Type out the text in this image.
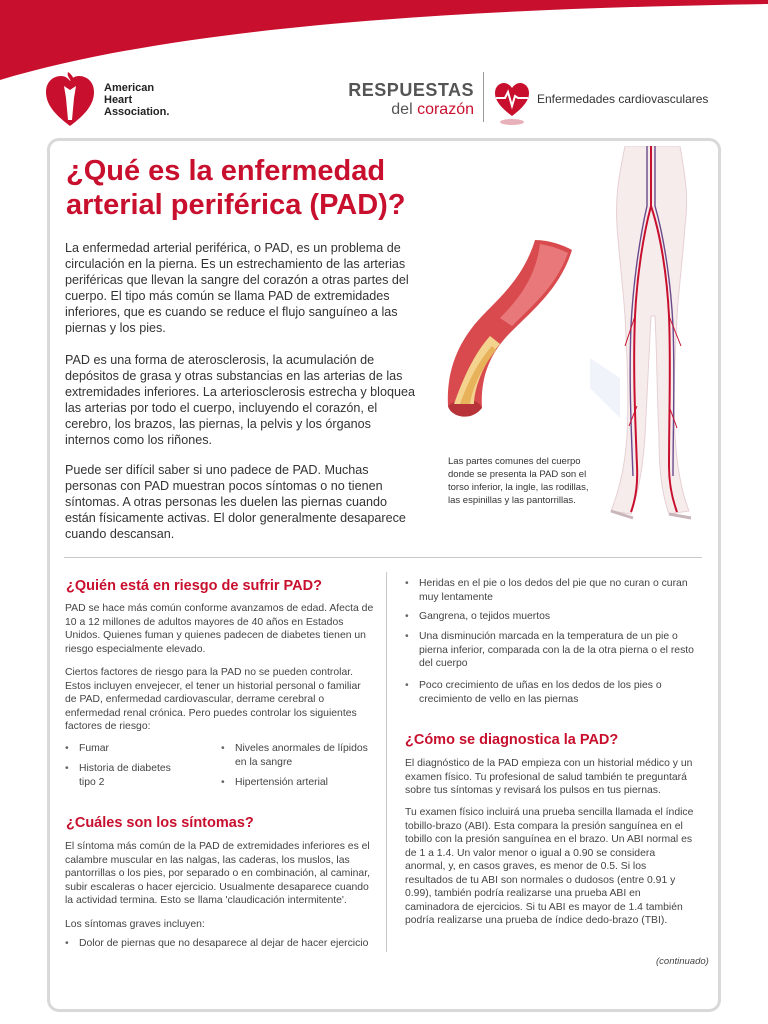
American
Heart
Association.
RESPUESTAS
del corazón
Enfermedades cardiovasculares
¿Qué es la enfermedad arterial periférica (PAD)?

La enfermedad arterial periférica, o PAD, es un problema de circulación en la pierna. Es un estrechamiento de las arterias periféricas que llevan la sangre del corazón a otras partes del cuerpo. El tipo más común se llama PAD de extremidades inferiores, que es cuando se reduce el flujo sanguíneo a las piernas y los pies.

PAD es una forma de aterosclerosis, la acumulación de depósitos de grasa y otras substancias en las arterias de las extremidades inferiores. La arteriosclerosis estrecha y bloquea las arterias por todo el cuerpo, incluyendo el corazón, el cerebro, los brazos, las piernas, la pelvis y los órganos internos como los riñones.

Puede ser difícil saber si uno padece de PAD. Muchas personas con PAD muestran pocos síntomas o no tienen síntomas. A otras personas les duelen las piernas cuando están físicamente activas. El dolor generalmente desaparece cuando descansan.

Las partes comunes del cuerpo donde se presenta la PAD son el torso inferior, la ingle, las rodillas, las espinillas y las pantorrillas.

¿Quién está en riesgo de sufrir PAD?

PAD se hace más común conforme avanzamos de edad. Afecta de 10 a 12 millones de adultos mayores de 40 años en Estados Unidos. Quienes fuman y quienes padecen de diabetes tienen un riesgo especialmente elevado.

Ciertos factores de riesgo para la PAD no se pueden controlar. Estos incluyen envejecer, el tener un historial personal o familiar de PAD, enfermedad cardiovascular, derrame cerebral o enfermedad renal crónica. Pero puedes controlar los siguientes factores de riesgo:

• Fumar
• Historia de diabetes tipo 2
• Niveles anormales de lípidos en la sangre
• Hipertensión arterial
¿Cuáles son los síntomas?

El síntoma más común de la PAD de extremidades inferiores es el calambre muscular en las nalgas, las caderas, los muslos, las pantorrillas o los pies, por separado o en combinación, al caminar, subir escaleras o hacer ejercicio. Usualmente desaparece cuando la actividad termina. Esto se llama 'claudicación intermitente'.

Los síntomas graves incluyen:

• Dolor de piernas que no desaparece al dejar de hacer ejercicio
• Heridas en el pie o los dedos del pie que no curan o curan muy lentamente
• Gangrena, o tejidos muertos
• Una disminución marcada en la temperatura de un pie o pierna inferior, comparada con la de la otra pierna o el resto del cuerpo
• Poco crecimiento de uñas en los dedos de los pies o crecimiento de vello en las piernas
¿Cómo se diagnostica la PAD?

El diagnóstico de la PAD empieza con un historial médico y un examen físico. Tu profesional de salud también te preguntará sobre tus síntomas y revisará los pulsos en tus piernas.

Tu examen físico incluirá una prueba sencilla llamada el índice tobillo-brazo (ABI). Esta compara la presión sanguínea en el tobillo con la presión sanguínea en el brazo. Un ABI normal es de 1 a 1.4. Un valor menor o igual a 0.90 se considera anormal, y, en casos graves, es menor de 0.5. Si los resultados de tu ABI son normales o dudosos (entre 0.91 y 0.99), también podría realizarse una prueba ABI en caminadora de ejercicios. Si tu ABI es mayor de 1.4 también podría realizarse una prueba de índice dedo-brazo (TBI).

(continuado)
